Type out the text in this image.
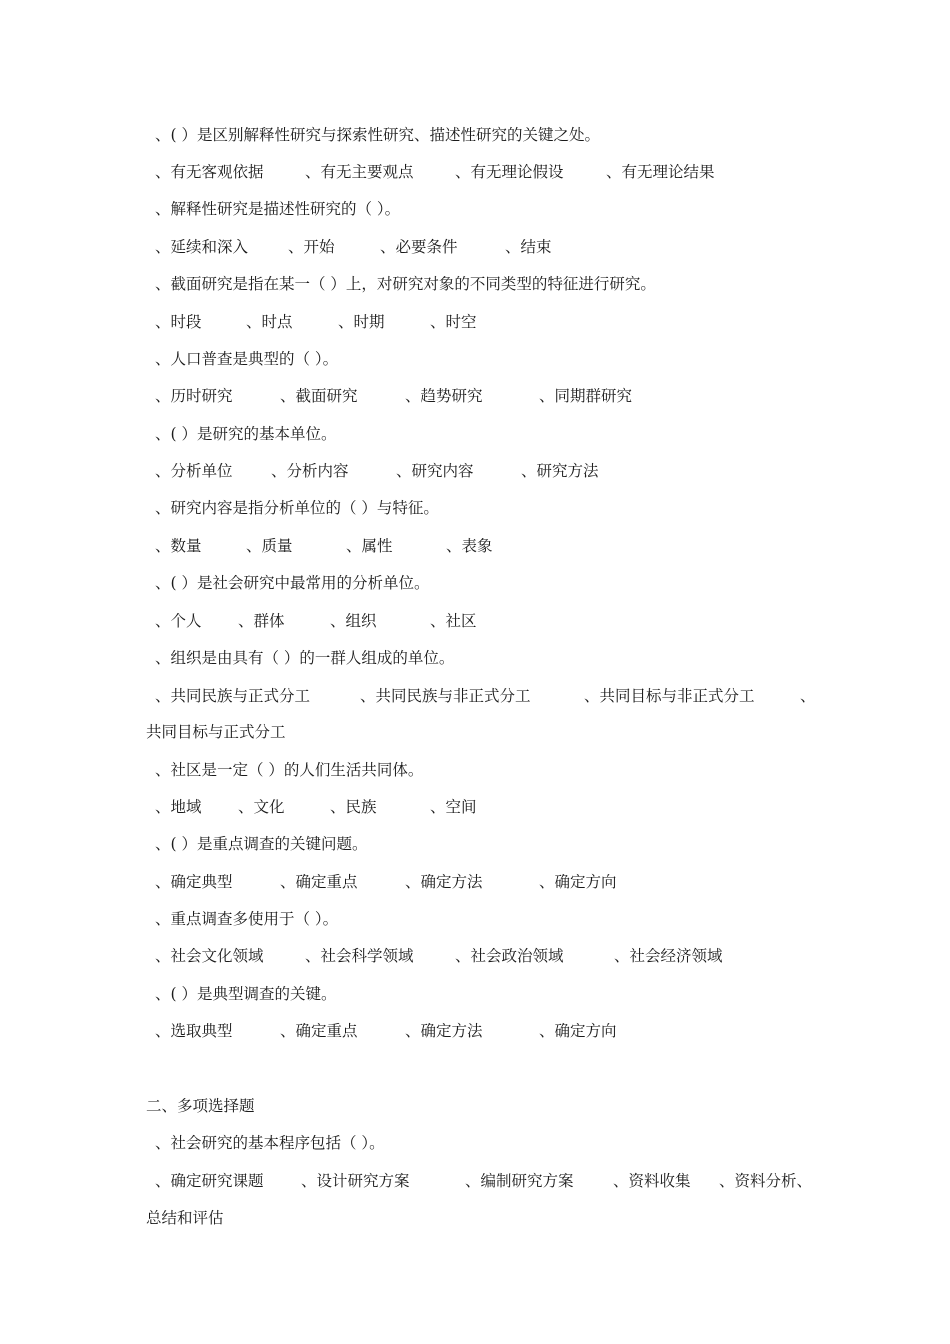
、( ）是区别解释性研究与探索性研究、描述性研究的关键之处。
、有无客观依据	、有无主要观点	、有无理论假设	、有无理论结果
、解释性研究是描述性研究的（ ）。
、延续和深入	、开始	、必要条件	、结束
、截面研究是指在某一（ ）上，对研究对象的不同类型的特征进行研究。
、时段	、时点	、时期	、时空
、人口普查是典型的（ ）。
、历时研究	、截面研究	、趋势研究	、同期群研究
、( ）是研究的基本单位。
、分析单位 、分析内容	、研究内容	、研究方法
、研究内容是指分析单位的（ ）与特征。
、数量	、质量	、属性	、表象
、( ）是社会研究中最常用的分析单位。
、个人 、群体	、组织	、社区
、组织是由具有（ ）的一群人组成的单位。
、共同民族与正式分工	、共同民族与非正式分工	、共同目标与非正式分工	、
共同目标与正式分工
、社区是一定（ ）的人们生活共同体。
、地域 、文化	、民族	、空间
、( ）是重点调查的关键问题。
、确定典型	、确定重点	、确定方法	、确定方向
、重点调查多使用于（ ）。
、社会文化领域	、社会科学领域	、社会政治领域	、社会经济领域
、( ）是典型调查的关键。
、选取典型	、确定重点	、确定方法	、确定方向
二、多项选择题
、社会研究的基本程序包括（ ）。
、确定研究课题 、设计研究方案	、编制研究方案	、资料收集 、资料分析、
总结和评估
